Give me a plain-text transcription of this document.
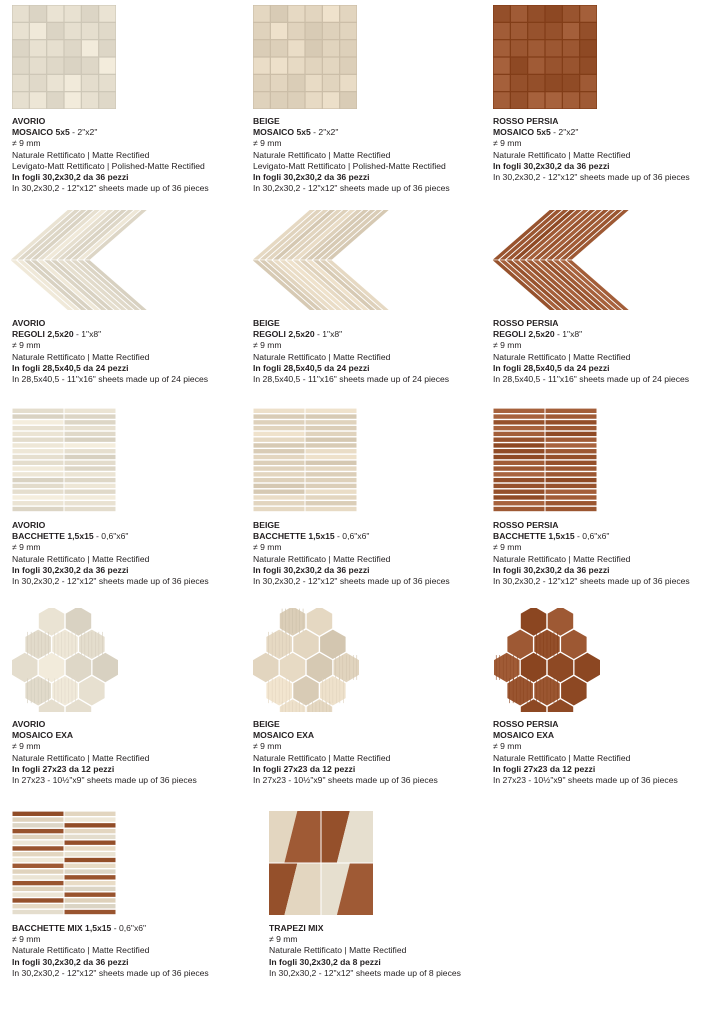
AVORIO
MOSAICO 5x5 - 2"x2"
≠ 9 mm
Naturale Rettificato | Matte Rectified
Levigato-Matt Rettificato | Polished-Matte Rectified
In fogli 30,2x30,2 da 36 pezzi
In 30,2x30,2 - 12"x12" sheets made up of 36 pieces
BEIGE
MOSAICO 5x5 - 2"x2"
≠ 9 mm
Naturale Rettificato | Matte Rectified
Levigato-Matt Rettificato | Polished-Matte Rectified
In fogli 30,2x30,2 da 36 pezzi
In 30,2x30,2 - 12"x12" sheets made up of 36 pieces
ROSSO PERSIA
MOSAICO 5x5 - 2"x2"
≠ 9 mm
Naturale Rettificato | Matte Rectified
In fogli 30,2x30,2 da 36 pezzi
In 30,2x30,2 - 12"x12" sheets made up of 36 pieces
AVORIO
REGOLI 2,5x20 - 1"x8"
≠ 9 mm
Naturale Rettificato | Matte Rectified
In fogli 28,5x40,5 da 24 pezzi
In 28,5x40,5 - 11"x16" sheets made up of 24 pieces
BEIGE
REGOLI 2,5x20 - 1"x8"
≠ 9 mm
Naturale Rettificato | Matte Rectified
In fogli 28,5x40,5 da 24 pezzi
In 28,5x40,5 - 11"x16" sheets made up of 24 pieces
ROSSO PERSIA
REGOLI 2,5x20 - 1"x8"
≠ 9 mm
Naturale Rettificato | Matte Rectified
In fogli 28,5x40,5 da 24 pezzi
In 28,5x40,5 - 11"x16" sheets made up of 24 pieces
AVORIO
BACCHETTE 1,5x15 - 0,6"x6"
≠ 9 mm
Naturale Rettificato | Matte Rectified
In fogli 30,2x30,2 da 36 pezzi
In 30,2x30,2 - 12"x12" sheets made up of 36 pieces
BEIGE
BACCHETTE 1,5x15 - 0,6"x6"
≠ 9 mm
Naturale Rettificato | Matte Rectified
In fogli 30,2x30,2 da 36 pezzi
In 30,2x30,2 - 12"x12" sheets made up of 36 pieces
ROSSO PERSIA
BACCHETTE 1,5x15 - 0,6"x6"
≠ 9 mm
Naturale Rettificato | Matte Rectified
In fogli 30,2x30,2 da 36 pezzi
In 30,2x30,2 - 12"x12" sheets made up of 36 pieces
AVORIO
MOSAICO EXA
≠ 9 mm
Naturale Rettificato | Matte Rectified
In fogli 27x23 da 12 pezzi
In 27x23 - 10½"x9" sheets made up of 36 pieces
BEIGE
MOSAICO EXA
≠ 9 mm
Naturale Rettificato | Matte Rectified
In fogli 27x23 da 12 pezzi
In 27x23 - 10½"x9" sheets made up of 36 pieces
ROSSO PERSIA
MOSAICO EXA
≠ 9 mm
Naturale Rettificato | Matte Rectified
In fogli 27x23 da 12 pezzi
In 27x23 - 10½"x9" sheets made up of 36 pieces
BACCHETTE MIX 1,5x15 - 0,6"x6"
≠ 9 mm
Naturale Rettificato | Matte Rectified
In fogli 30,2x30,2 da 36 pezzi
In 30,2x30,2 - 12"x12" sheets made up of 36 pieces
TRAPEZI MIX
≠ 9 mm
Naturale Rettificato | Matte Rectified
In fogli 30,2x30,2 da 8 pezzi
In 30,2x30,2 - 12"x12" sheets made up of 8 pieces
